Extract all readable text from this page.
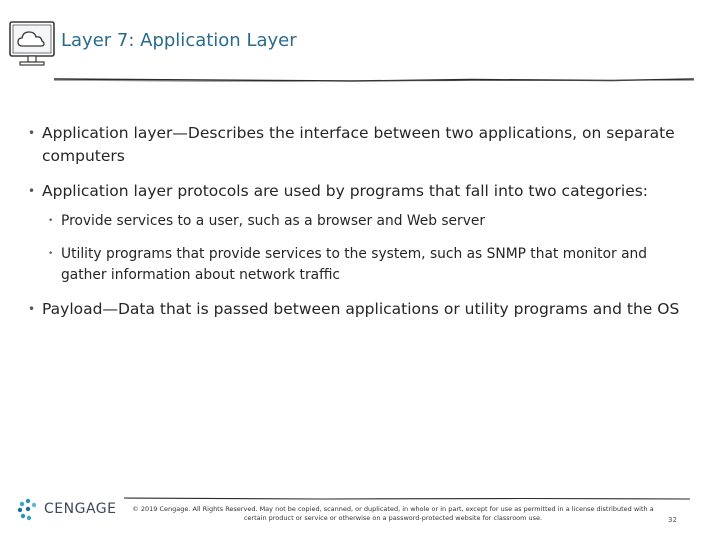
Layer 7: Application Layer
• Application layer—Describes the interface between two applications, on separate computers
• Application layer protocols are used by programs that fall into two categories:
• Provide services to a user, such as a browser and Web server
• Utility programs that provide services to the system, such as SNMP that monitor and gather information about network traffic
• Payload—Data that is passed between applications or utility programs and the OS
CENGAGE	© 2019 Cengage. All Rights Reserved. May not be copied, scanned, or duplicated, in whole or in part, except for use as permitted in a license distributed with a certain product or service or otherwise on a password-protected website for classroom use.	32
